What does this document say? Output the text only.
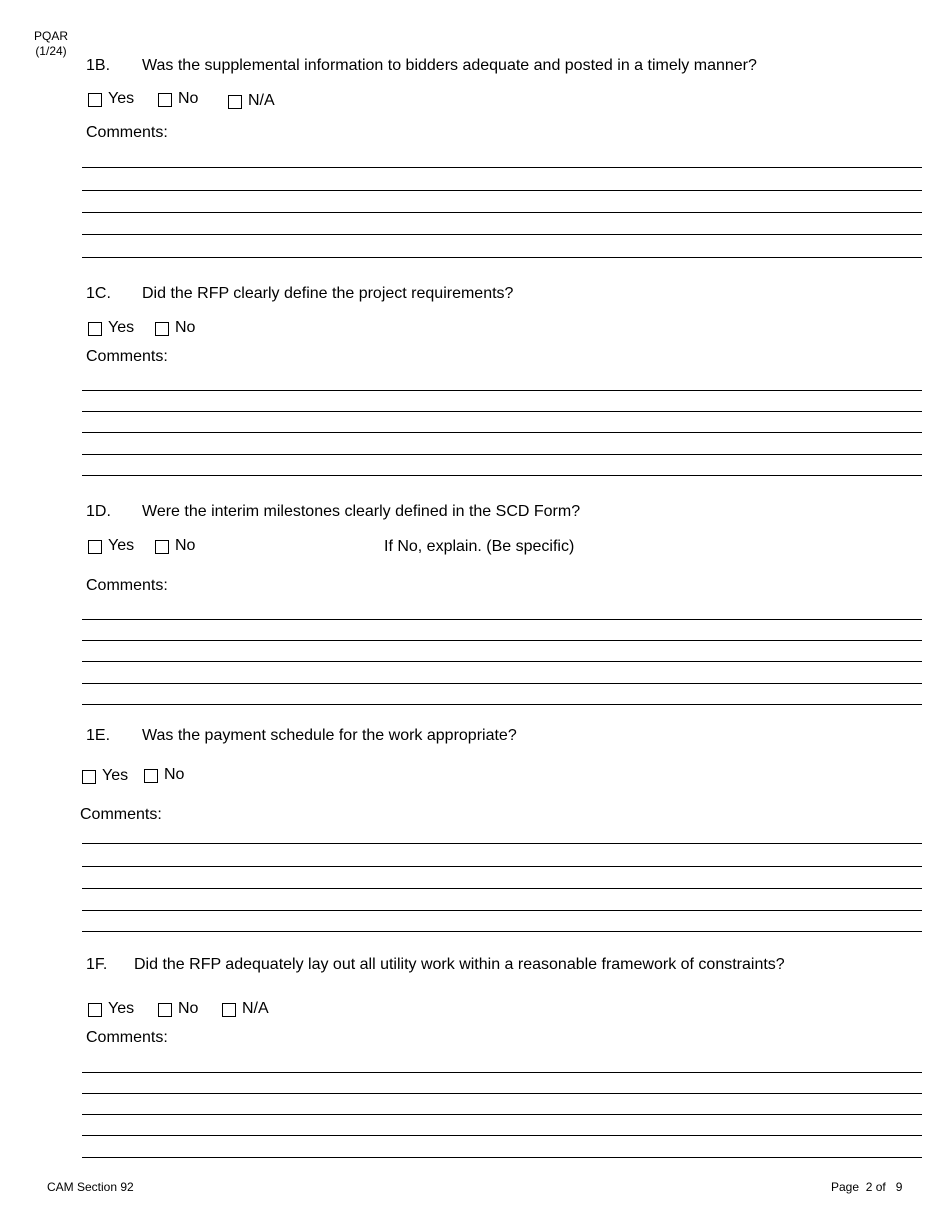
PQAR
(1/24)
1B. Was the supplemental information to bidders adequate and posted in a timely manner?
Yes	No	N/A
Comments:
1C. Did the RFP clearly define the project requirements?
Yes	No
Comments:
1D. Were the interim milestones clearly defined in the SCD Form?
Yes	No	If No, explain. (Be specific)
Comments:
1E. Was the payment schedule for the work appropriate?
Yes No
Comments:
1F. Did the RFP adequately lay out all utility work within a reasonable framework of constraints?
Yes	No	N/A
Comments:
CAM Section 92	Page 2 of 9
